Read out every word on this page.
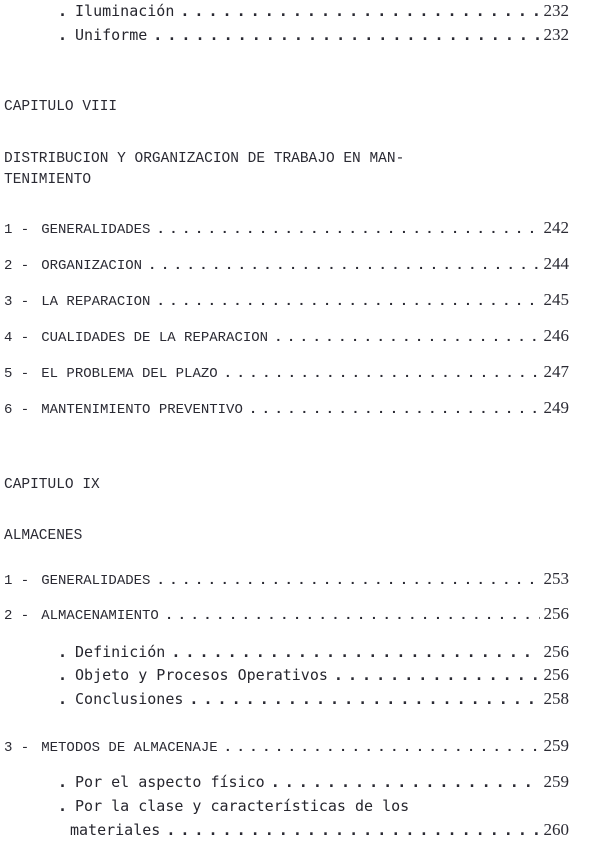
. Iluminación . . .	232
. Uniforme . . .	232
CAPITULO VIII
DISTRIBUCION Y ORGANIZACION DE TRABAJO EN MAN-
TENIMIENTO
1 - GENERALIDADES . . .	242
2 - ORGANIZACION . . .	244
3 - LA REPARACION . . .	245
4 - CUALIDADES DE LA REPARACION . . .	246
5 - EL PROBLEMA DEL PLAZO . . .	247
6 - MANTENIMIENTO PREVENTIVO . . .	249
CAPITULO IX
ALMACENES
1 - GENERALIDADES . . .	253
2 - ALMACENAMIENTO . . .	256
. Definición . . .	256
. Objeto y Procesos Operativos . . .	256
. Conclusiones . . .	258
3 - METODOS DE ALMACENAJE . . .	259
. Por el aspecto físico . . .	259
. Por la clase y características de los
materiales . . .	260
